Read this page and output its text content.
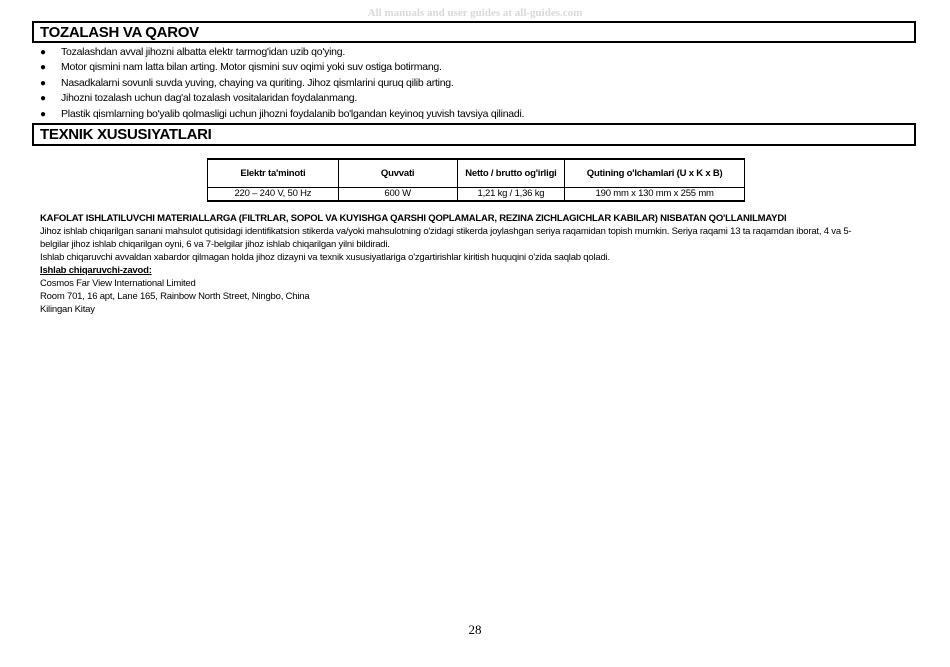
All manuals and user guides at all-guides.com
TOZALASH VA QAROV
● Tozalashdan avval jihozni albatta elektr tarmog'idan uzib qo'ying.
● Motor qismini nam latta bilan arting. Motor qismini suv oqimi yoki suv ostiga botirmang.
● Nasadkalarni sovunli suvda yuving, chaying va quriting. Jihoz qismlarini quruq qilib arting.
● Jihozni tozalash uchun dag'al tozalash vositalaridan foydalanmang.
● Plastik qismlarning bo'yalib qolmasligi uchun jihozni foydalanib bo'lgandan keyinoq yuvish tavsiya qilinadi.
TEXNIK XUSUSIYATLARI
Elektr ta'minoti	Quvvati	Netto / brutto og'irligi	Qutining o'lchamlari (U x K x B)
220 – 240 V, 50 Hz	600 W	1,21 kg / 1,36 kg	190 mm x 130 mm x 255 mm

KAFOLAT ISHLATILUVCHI MATERIALLARGA (FILTRLAR, SOPOL VA KUYISHGA QARSHI QOPLAMALAR, REZINA ZICHLAGICHLAR KABILAR) NISBATAN QO'LLANILMAYDI

Jihoz ishlab chiqarilgan sanani mahsulot qutisidagi identifikatsion stikerda va/yoki mahsulotning o'zidagi stikerda joylashgan seriya raqamidan topish mumkin. Seriya raqami 13 ta raqamdan iborat, 4 va 5-

belgilar jihoz ishlab chiqarilgan oyni, 6 va 7-belgilar jihoz ishlab chiqarilgan yilni bildiradi.

Ishlab chiqaruvchi avvaldan xabardor qilmagan holda jihoz dizayni va texnik xususiyatlariga o'zgartirishlar kiritish huquqini o'zida saqlab qoladi.

Ishlab chiqaruvchi-zavod:

Cosmos Far View International Limited

Room 701, 16 apt, Lane 165, Rainbow North Street, Ningbo, China

Kilingan Kitay

28
